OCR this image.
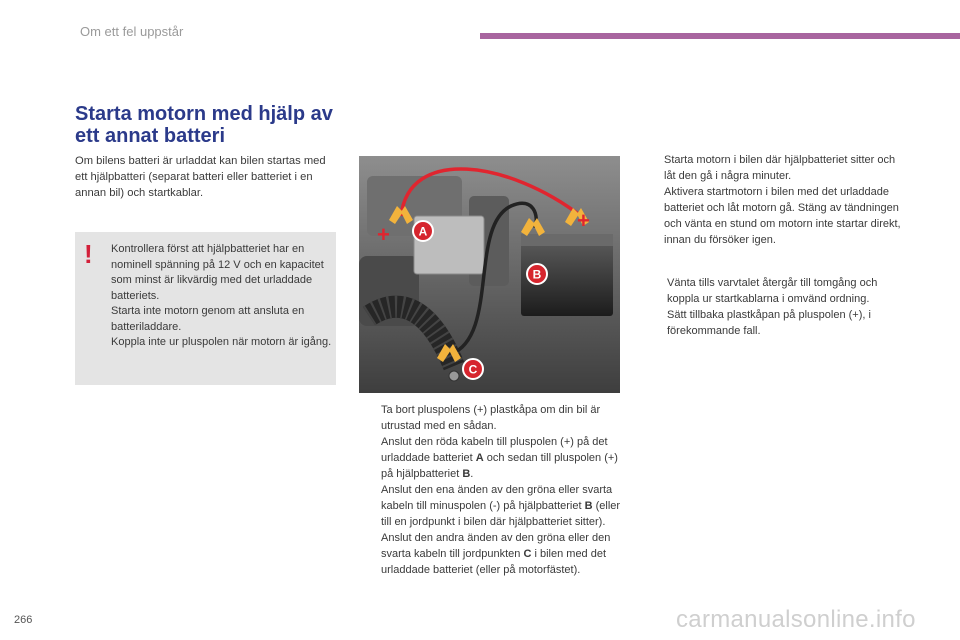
Om ett fel uppstår
Starta motorn med hjälp av ett annat batteri
Om bilens batteri är urladdat kan bilen startas med ett hjälpbatteri (separat batteri eller batteriet i en annan bil) och startkablar.
! Kontrollera först att hjälpbatteriet har en nominell spänning på 12 V och en kapacitet som minst är likvärdig med det urladdade batteriets.
Starta inte motorn genom att ansluta en batteriladdare.
Koppla inte ur pluspolen när motorn är igång.
+
+
A
B
C
Ta bort pluspolens (+) plastkåpa om din bil är utrustad med en sådan.
Anslut den röda kabeln till pluspolen (+) på det urladdade batteriet A och sedan till pluspolen (+) på hjälpbatteriet B.
Anslut den ena änden av den gröna eller svarta kabeln till minuspolen (-) på hjälpbatteriet B (eller till en jordpunkt i bilen där hjälpbatteriet sitter).
Anslut den andra änden av den gröna eller den svarta kabeln till jordpunkten C i bilen med det urladdade batteriet (eller på motorfästet).
Starta motorn i bilen där hjälpbatteriet sitter och låt den gå i några minuter.
Aktivera startmotorn i bilen med det urladdade batteriet och låt motorn gå. Stäng av tändningen och vänta en stund om motorn inte startar direkt, innan du försöker igen.
Vänta tills varvtalet återgår till tomgång och koppla ur startkablarna i omvänd ordning.
Sätt tillbaka plastkåpan på pluspolen (+), i förekommande fall.
266	carmanualsonline.info
